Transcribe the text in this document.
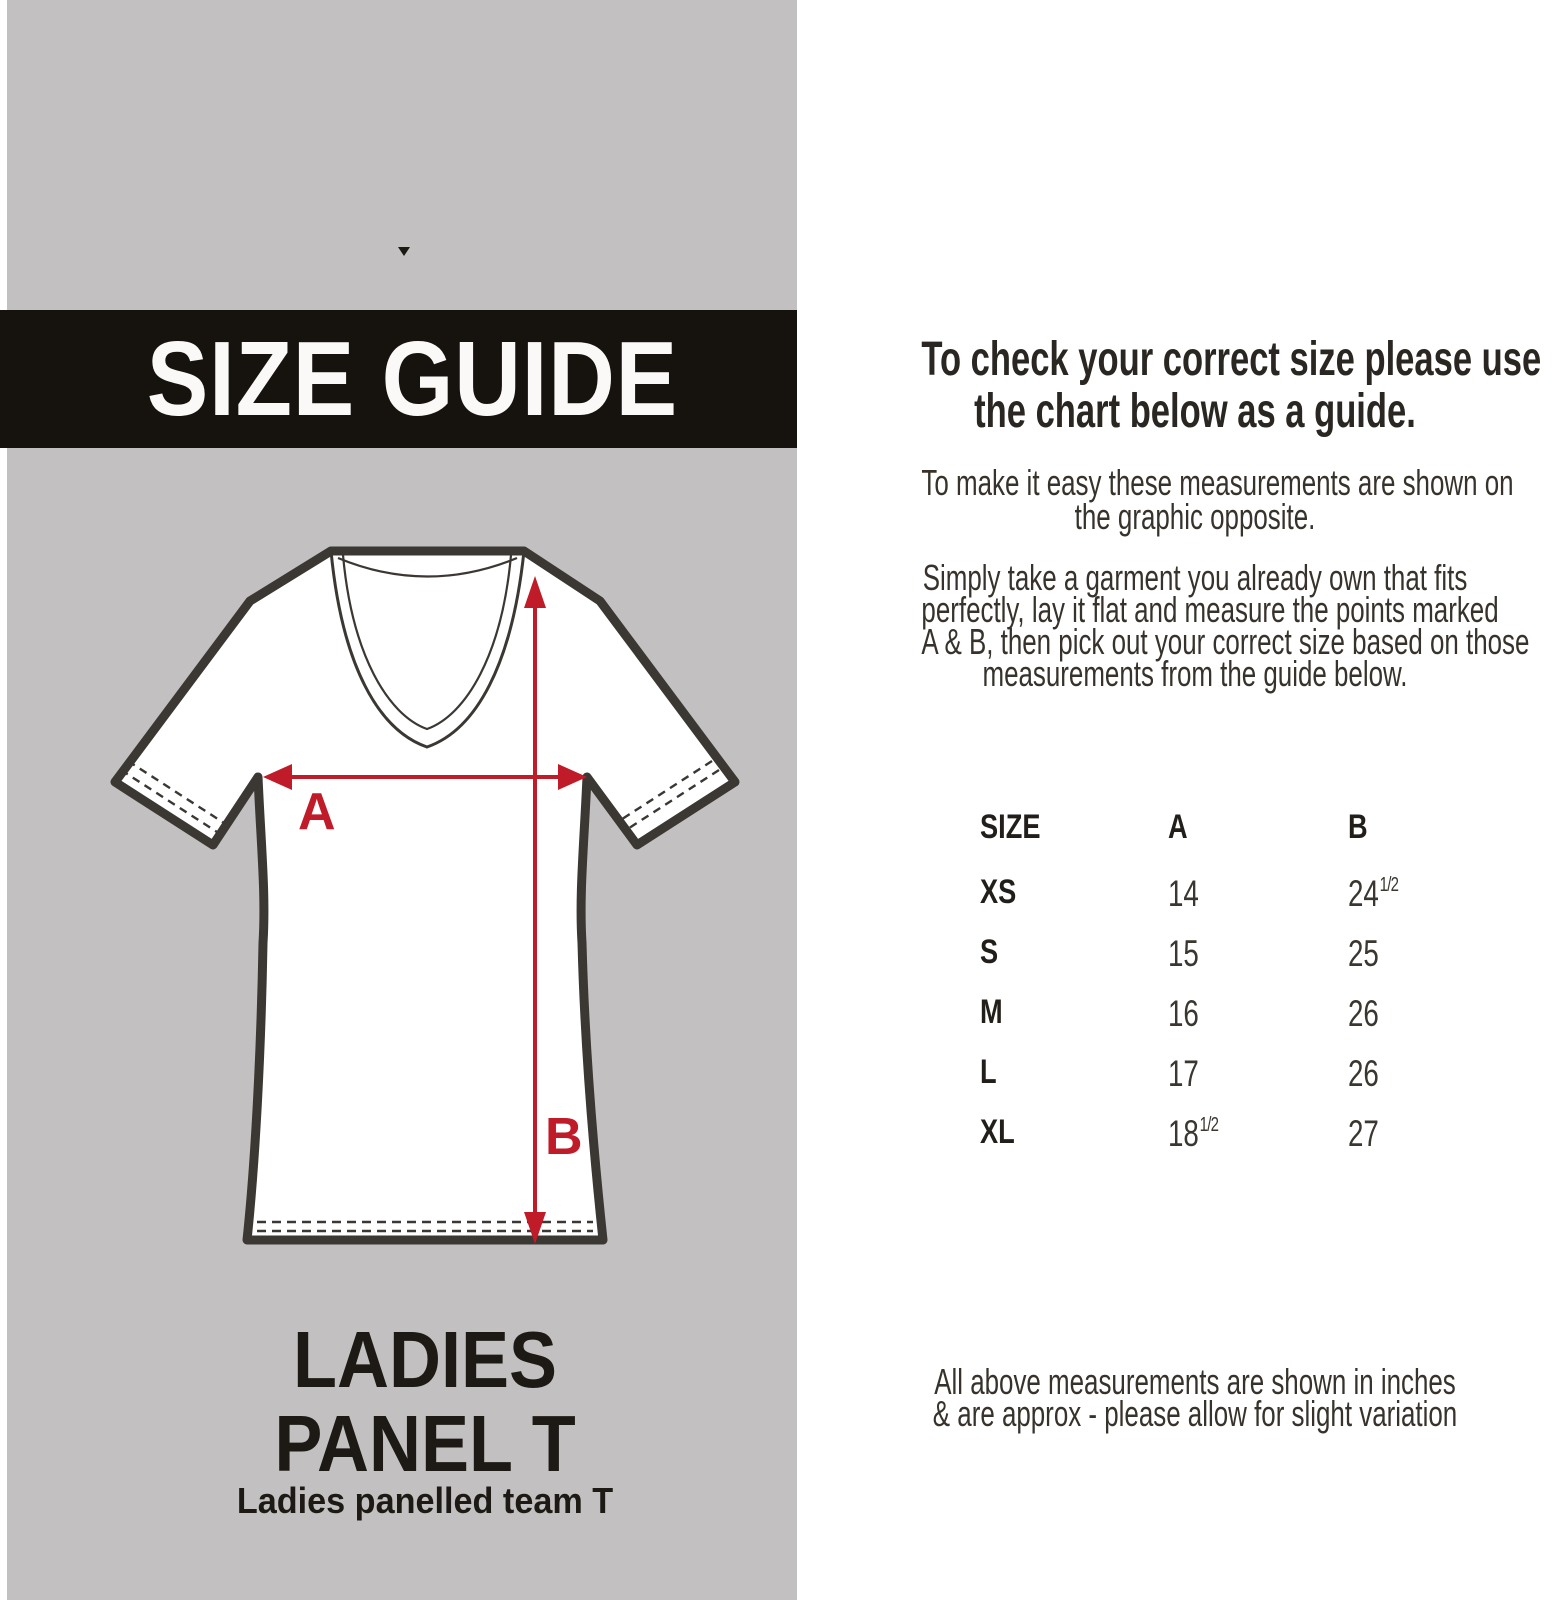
SIZE GUIDE
A
B
LADIES
PANEL T
Ladies panelled team T
To check your correct size please use
the chart below as a guide.
To make it easy these measurements are shown on
the graphic opposite.
Simply take a garment you already own that fits
perfectly, lay it flat and measure the points marked
A & B, then pick out your correct size based on those
measurements from the guide below.
All above measurements are shown in inches
& are approx - please allow for slight variation
SIZE	A	B
XS	14	$24^{1/2}$
S	15	25
M	16	26
L	17	26
XL	$18^{1/2}$	27
